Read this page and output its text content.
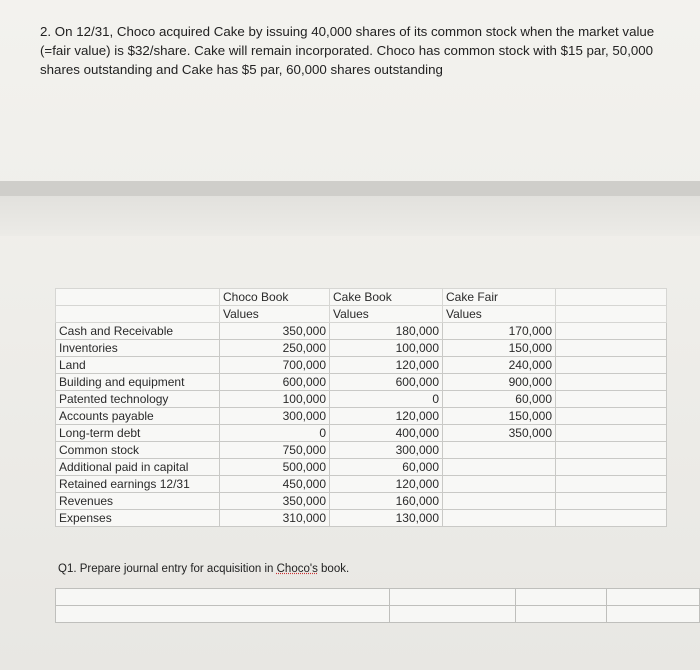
2. On 12/31, Choco acquired Cake by issuing 40,000 shares of its common stock when the market value (=fair value) is $32/share. Cake will remain incorporated. Choco has common stock with $15 par, 50,000 shares outstanding and Cake has $5 par, 60,000 shares outstanding
	Choco Book	Cake Book	Cake Fair	
	Values	Values	Values	
Cash and Receivable	350,000	180,000	170,000	
Inventories	250,000	100,000	150,000	
Land	700,000	120,000	240,000	
Building and equipment	600,000	600,000	900,000	
Patented technology	100,000	0	60,000	
Accounts payable	300,000	120,000	150,000	
Long-term debt	0	400,000	350,000	
Common stock	750,000	300,000		
Additional paid in capital	500,000	60,000		
Retained earnings 12/31	450,000	120,000		
Revenues	350,000	160,000		
Expenses	310,000	130,000		
Q1. Prepare journal entry for acquisition in Choco's book.
